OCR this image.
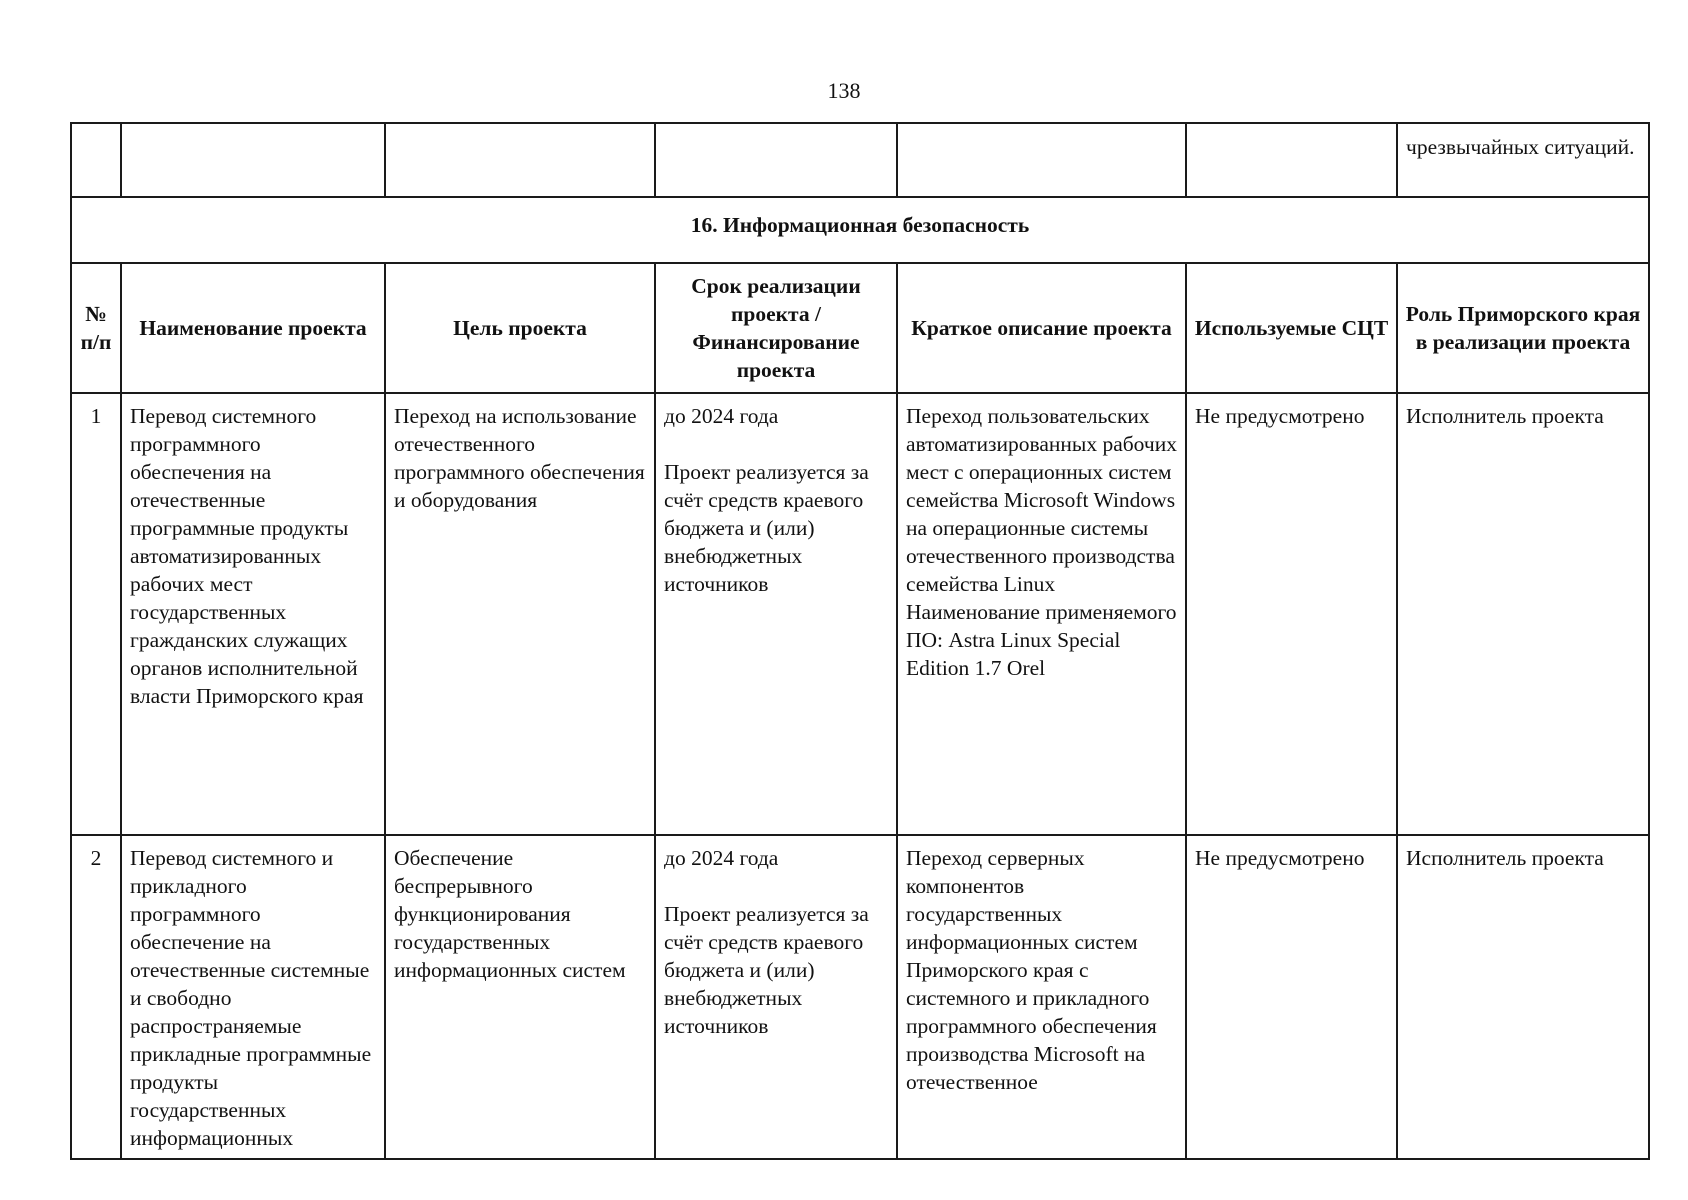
138
						чрезвычайных ситуаций.
16. Информационная безопасность						
№ п/п	Наименование проекта	Цель проекта	Срок реализации проекта / Финансирование проекта	Краткое описание проекта	Используемые СЦТ	Роль Приморского края в реализации проекта
1	Перевод системного программного обеспечения на отечественные программные продукты автоматизированных рабочих мест государственных гражданских служащих органов исполнительной власти Приморского края	Переход на использование отечественного программного обеспечения и оборудования	до 2024 года
Проект реализуется за счёт средств краевого бюджета и (или) внебюджетных источников	Переход пользовательских автоматизированных рабочих мест с операционных систем семейства Microsoft Windows на операционные системы отечественного производства семейства Linux
Наименование применяемого ПО: Astra Linux Special Edition 1.7 Orel	Не предусмотрено	Исполнитель проекта
2	Перевод системного и прикладного программного обеспечение на отечественные системные и свободно распространяемые прикладные программные продукты государственных информационных	Обеспечение беспрерывного функционирования государственных информационных систем	до 2024 года
Проект реализуется за счёт средств краевого бюджета и (или) внебюджетных источников	Переход серверных компонентов государственных информационных систем Приморского края с системного и прикладного программного обеспечения производства Microsoft на отечественное	Не предусмотрено	Исполнитель проекта
